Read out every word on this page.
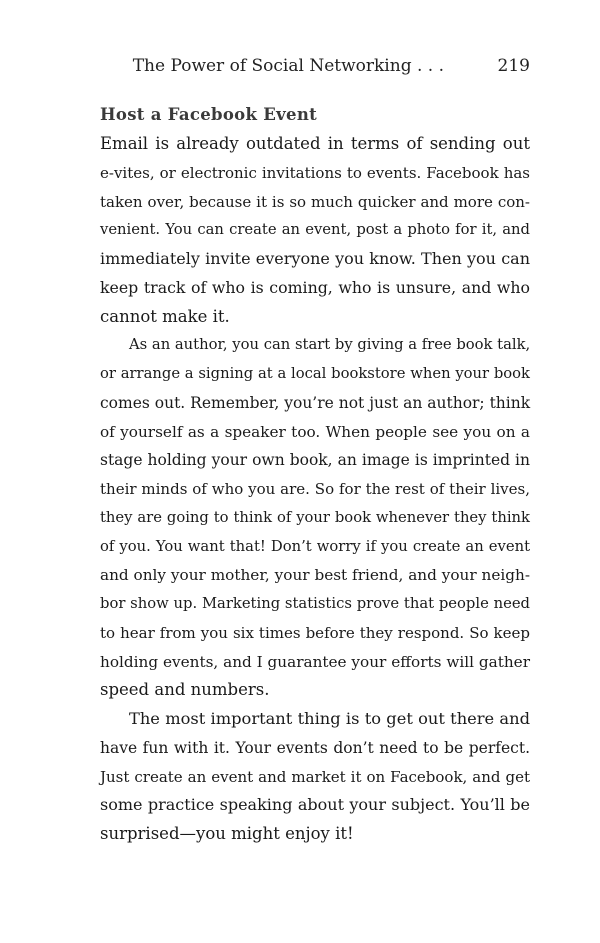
The Power of Social Networking . . .	219
Host a Facebook Event
Email is already outdated in terms of sending out
e-vites, or electronic invitations to events. Facebook has
taken over, because it is so much quicker and more con-
venient. You can create an event, post a photo for it, and
immediately invite everyone you know. Then you can
keep track of who is coming, who is unsure, and who
cannot make it.
As an author, you can start by giving a free book talk,
or arrange a signing at a local bookstore when your book
comes out. Remember, you’re not just an author; think
of yourself as a speaker too. When people see you on a
stage holding your own book, an image is imprinted in
their minds of who you are. So for the rest of their lives,
they are going to think of your book whenever they think
of you. You want that! Don’t worry if you create an event
and only your mother, your best friend, and your neigh-
bor show up. Marketing statistics prove that people need
to hear from you six times before they respond. So keep
holding events, and I guarantee your efforts will gather
speed and numbers.
The most important thing is to get out there and
have fun with it. Your events don’t need to be perfect.
Just create an event and market it on Facebook, and get
some practice speaking about your subject. You’ll be
surprised—you might enjoy it!
